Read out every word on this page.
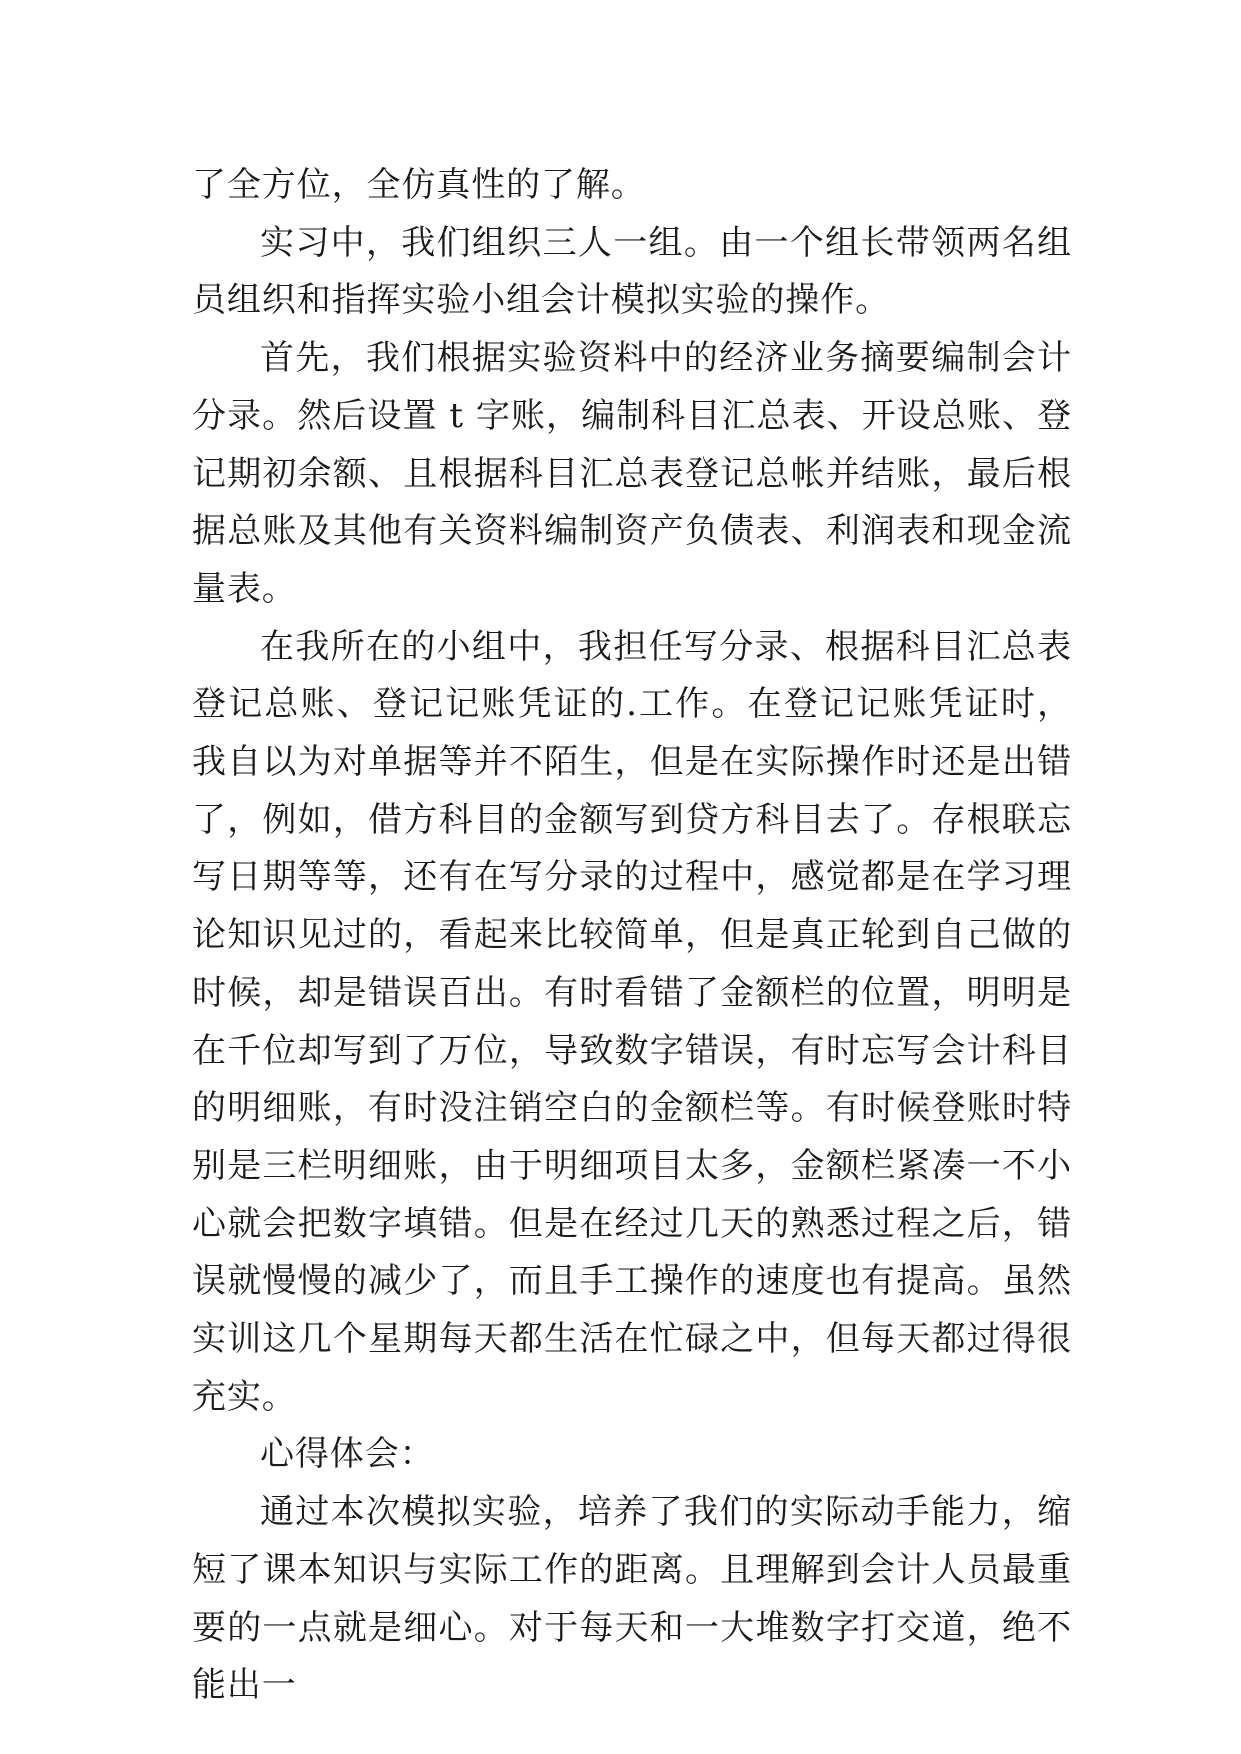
了全方位，全仿真性的了解。

实习中，我们组织三人一组。由一个组长带领两名组员组织和指挥实验小组会计模拟实验的操作。

首先，我们根据实验资料中的经济业务摘要编制会计分录。然后设置 t 字账，编制科目汇总表、开设总账、登记期初余额、且根据科目汇总表登记总帐并结账，最后根据总账及其他有关资料编制资产负债表、利润表和现金流量表。

在我所在的小组中，我担任写分录、根据科目汇总表登记总账、登记记账凭证的.工作。在登记记账凭证时，我自以为对单据等并不陌生，但是在实际操作时还是出错了，例如，借方科目的金额写到贷方科目去了。存根联忘写日期等等，还有在写分录的过程中，感觉都是在学习理论知识见过的，看起来比较简单，但是真正轮到自己做的时候，却是错误百出。有时看错了金额栏的位置，明明是在千位却写到了万位，导致数字错误，有时忘写会计科目的明细账，有时没注销空白的金额栏等。有时候登账时特别是三栏明细账，由于明细项目太多，金额栏紧凑一不小心就会把数字填错。但是在经过几天的熟悉过程之后，错误就慢慢的减少了，而且手工操作的速度也有提高。虽然实训这几个星期每天都生活在忙碌之中，但每天都过得很充实。

心得体会：

通过本次模拟实验，培养了我们的实际动手能力，缩短了课本知识与实际工作的距离。且理解到会计人员最重要的一点就是细心。对于每天和一大堆数字打交道，绝不能出一
